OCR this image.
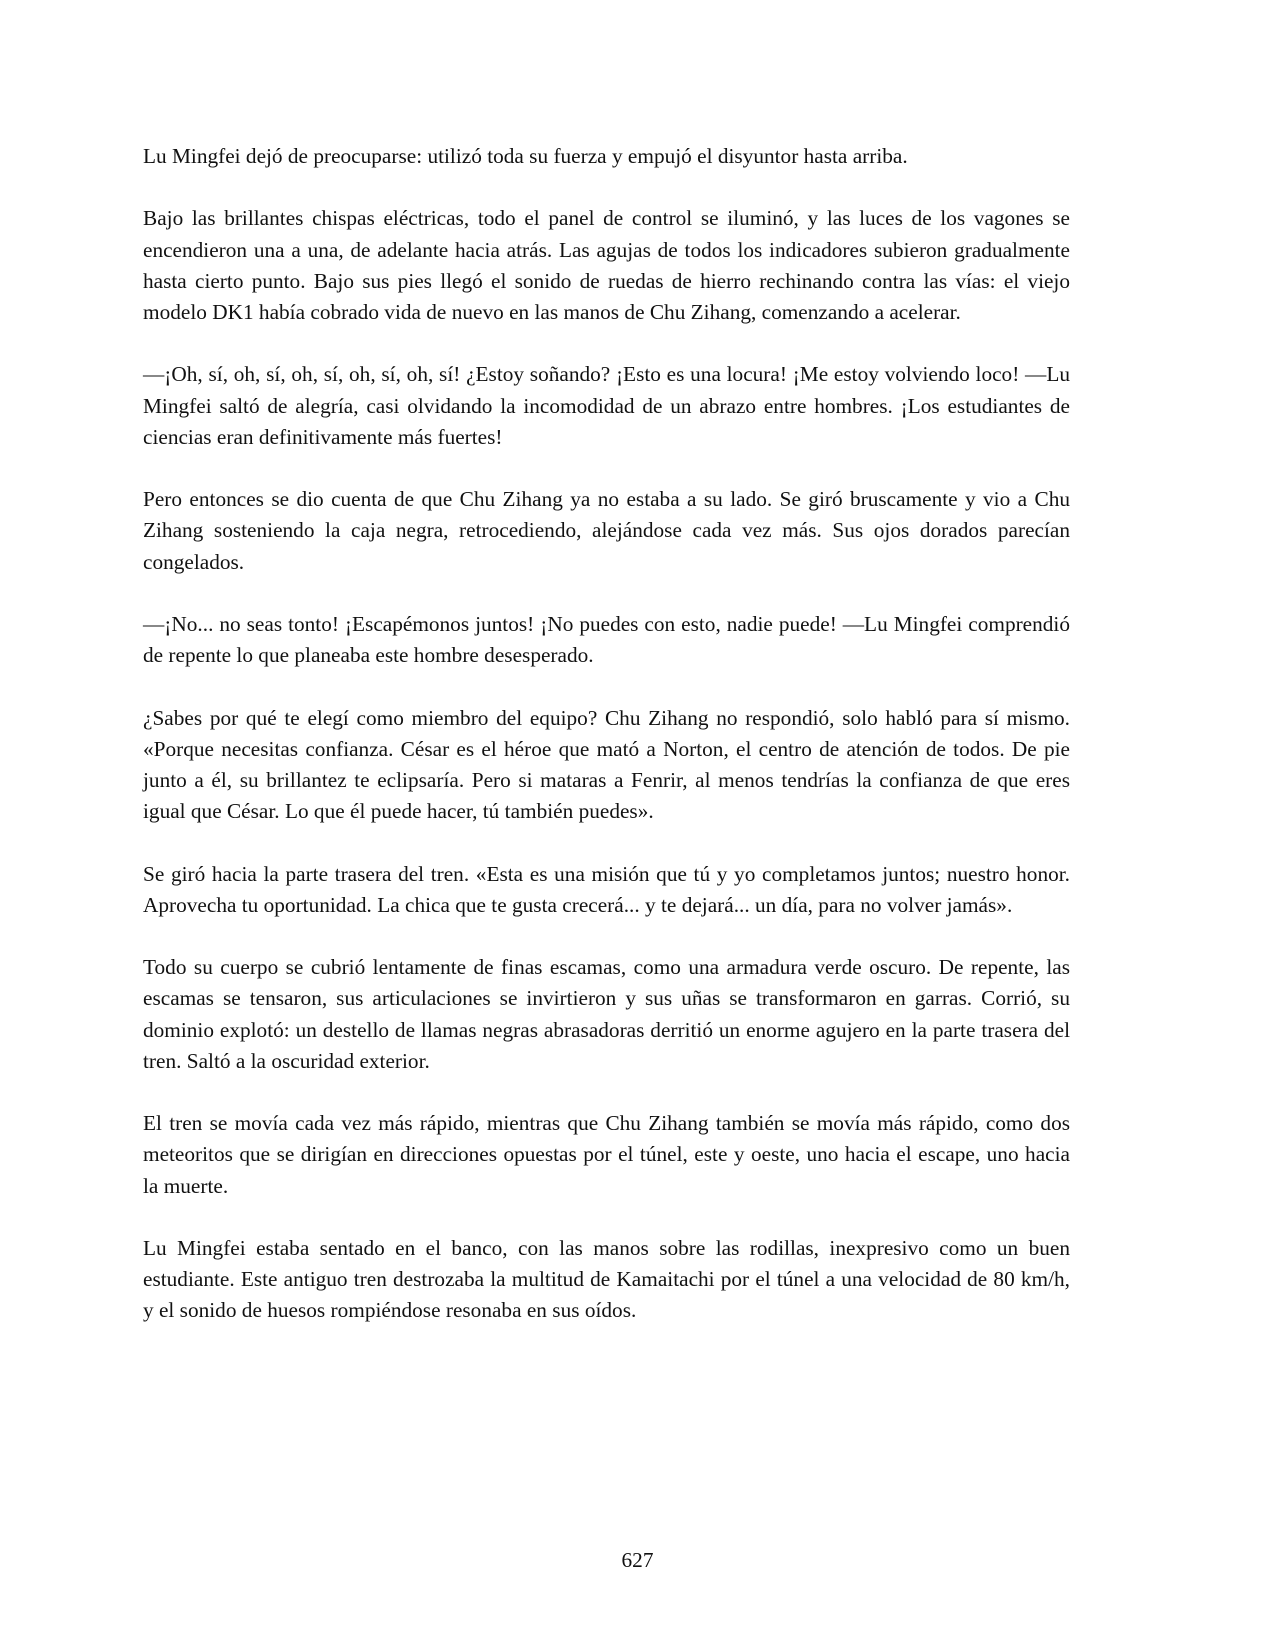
Lu Mingfei dejó de preocuparse: utilizó toda su fuerza y empujó el disyuntor hasta arriba.

Bajo las brillantes chispas eléctricas, todo el panel de control se iluminó, y las luces de los vagones se encendieron una a una, de adelante hacia atrás. Las agujas de todos los indicadores subieron gradualmente hasta cierto punto. Bajo sus pies llegó el sonido de ruedas de hierro rechinando contra las vías: el viejo modelo DK1 había cobrado vida de nuevo en las manos de Chu Zihang, comenzando a acelerar.

—¡Oh, sí, oh, sí, oh, sí, oh, sí, oh, sí! ¿Estoy soñando? ¡Esto es una locura! ¡Me estoy volviendo loco! —Lu Mingfei saltó de alegría, casi olvidando la incomodidad de un abrazo entre hombres. ¡Los estudiantes de ciencias eran definitivamente más fuertes!

Pero entonces se dio cuenta de que Chu Zihang ya no estaba a su lado. Se giró bruscamente y vio a Chu Zihang sosteniendo la caja negra, retrocediendo, alejándose cada vez más. Sus ojos dorados parecían congelados.

—¡No... no seas tonto! ¡Escapémonos juntos! ¡No puedes con esto, nadie puede! —Lu Mingfei comprendió de repente lo que planeaba este hombre desesperado.

¿Sabes por qué te elegí como miembro del equipo? Chu Zihang no respondió, solo habló para sí mismo. «Porque necesitas confianza. César es el héroe que mató a Norton, el centro de atención de todos. De pie junto a él, su brillantez te eclipsaría. Pero si mataras a Fenrir, al menos tendrías la confianza de que eres igual que César. Lo que él puede hacer, tú también puedes».

Se giró hacia la parte trasera del tren. «Esta es una misión que tú y yo completamos juntos; nuestro honor. Aprovecha tu oportunidad. La chica que te gusta crecerá... y te dejará... un día, para no volver jamás».

Todo su cuerpo se cubrió lentamente de finas escamas, como una armadura verde oscuro. De repente, las escamas se tensaron, sus articulaciones se invirtieron y sus uñas se transformaron en garras. Corrió, su dominio explotó: un destello de llamas negras abrasadoras derritió un enorme agujero en la parte trasera del tren. Saltó a la oscuridad exterior.

El tren se movía cada vez más rápido, mientras que Chu Zihang también se movía más rápido, como dos meteoritos que se dirigían en direcciones opuestas por el túnel, este y oeste, uno hacia el escape, uno hacia la muerte.

Lu Mingfei estaba sentado en el banco, con las manos sobre las rodillas, inexpresivo como un buen estudiante. Este antiguo tren destrozaba la multitud de Kamaitachi por el túnel a una velocidad de 80 km/h, y el sonido de huesos rompiéndose resonaba en sus oídos.

627
